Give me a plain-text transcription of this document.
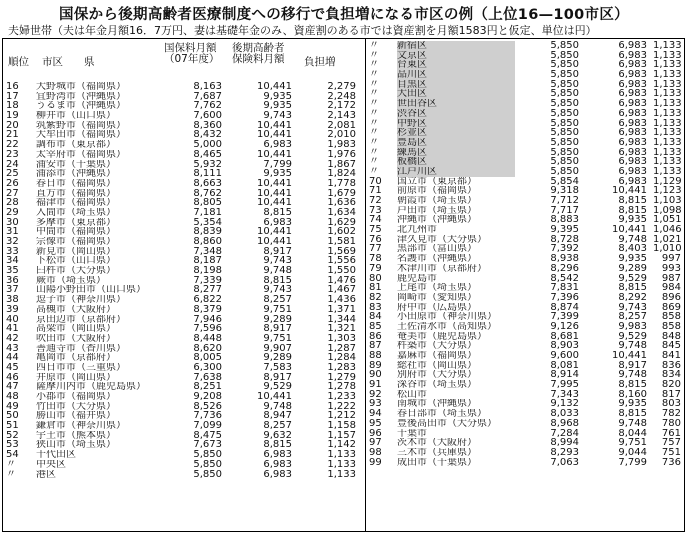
国保から後期高齢者医療制度への移行で負担増になる市区の例（上位16—100市区）
夫婦世帯（夫は年金月額16．7万円、妻は基礎年金のみ、資産割のある市では資産割を月額1583円と仮定、単位は円）
順位 市区　　県
国保料月額（07年度）
後期高齢者保険料月額	負担増
16	大野城市（福岡県）	8,163	10,441	2,279
17	宜野湾市（沖縄県）	7,687	9,935	2,248
18	うるま市（沖縄県）	7,762	9,935	2,172
19	柳井市（山口県）	7,600	9,743	2,143
20	筑紫野市（福岡県）	8,360	10,441	2,081
21	大牟田市（福岡県）	8,432	10,441	2,010
22	調布市（東京都）	5,000	6,983	1,983
23	太宰府市（福岡県）	8,465	10,441	1,976
24	浦安市（千葉県）	5,932	7,799	1,867
25	浦添市（沖縄県）	8,111	9,935	1,824
26	春日市（福岡県）	8,663	10,441	1,778
27	直方市（福岡県）	8,762	10,441	1,679
28	福津市（福岡県）	8,805	10,441	1,636
29	入間市（埼玉県）	7,181	8,815	1,634
30	多摩市（東京都）	5,354	6,983	1,629
31	中間市（福岡県）	8,839	10,441	1,602
32	宗像市（福岡県）	8,860	10,441	1,581
33	新見市（岡山県）	7,348	8,917	1,569
34	下松市（山口県）	8,187	9,743	1,556
35	臼杵市（大分県）	8,198	9,748	1,550
36	蕨市（埼玉県）	7,339	8,815	1,476
37	山陽小野田市（山口県）	8,277	9,743	1,467
38	逗子市（神奈川県）	6,822	8,257	1,436
39	高槻市（大阪府）	8,379	9,751	1,371
40	京田辺市（京都府）	7,946	9,289	1,344
41	高梁市（岡山県）	7,596	8,917	1,321
42	吹田市（大阪府）	8,448	9,751	1,303
43	善通寺市（香川県）	8,620	9,907	1,287
44	亀岡市（京都府）	8,005	9,289	1,284
45	四日市市（三重県）	6,300	7,583	1,283
46	井原市（岡山県）	7,638	8,917	1,279
47	薩摩川内市（鹿児島県）	8,251	9,529	1,278
48	小郡市（福岡県）	9,208	10,441	1,233
49	竹田市（大分県）	8,526	9,748	1,222
50	勝山市（福井県）	7,736	8,947	1,212
51	鎌倉市（神奈川県）	7,099	8,257	1,158
52	宇土市（熊本県）	8,475	9,632	1,157
53	狭山市（埼玉県）	7,673	8,815	1,142
54	千代田区	5,850	6,983	1,133
〃	中央区	5,850	6,983	1,133
〃	港区	5,850	6,983	1,133
〃	新宿区	5,850	6,983 1,133
〃	文京区	5,850	6,983 1,133
〃	台東区	5,850	6,983 1,133
〃	品川区	5,850	6,983 1,133
〃	目黒区	5,850	6,983 1,133
〃	大田区	5,850	6,983 1,133
〃	世田谷区	5,850	6,983 1,133
〃	渋谷区	5,850	6,983 1,133
〃	中野区	5,850	6,983 1,133
〃	杉並区	5,850	6,983 1,133
〃	豊島区	5,850	6,983 1,133
〃	練馬区	5,850	6,983 1,133
〃	板橋区	5,850	6,983 1,133
〃	江戸川区	5,850	6,983 1,133
70	国立市（東京都）	5,854	6,983 1,129
71	前原市（福岡県）	9,318	10,441 1,123
72	朝霞市（埼玉県）	7,712	8,815 1,103
73	戸田市（埼玉県）	7,717	8,815 1,098
74	沖縄市（沖縄県）	8,883	9,935 1,051
75	北九州市	9,395	10,441 1,046
76	津久見市（大分県）	8,728	9,748 1,021
77	黒部市（富山県）	7,392	8,403 1,010
78	名護市（沖縄県）	8,938	9,935	997
79	木津川市（京都府）	8,296	9,289	993
80	鹿児島市	8,542	9,529	987
81	上尾市（埼玉県）	7,831	8,815	984
82	岡崎市（愛知県）	7,396	8,292	896
83	府中市（広島県）	8,874	9,743	869
84	小田原市（神奈川県）	7,399	8,257	858
85	土佐清水市（高知県）	9,126	9,983	858
86	奄美市（鹿児島県）	8,681	9,529	848
87	杵築市（大分県）	8,903	9,748	845
88	嘉麻市（福岡県）	9,600	10,441	841
89	総社市（岡山県）	8,081	8,917	836
90	別府市（大分県）	8,914	9,748	834
91	深谷市（埼玉県）	7,995	8,815	820
92	松山市	7,343	8,160	817
93	南城市（沖縄県）	9,132	9,935	803
94	春日部市（埼玉県）	8,033	8,815	782
95	豊後高田市（大分県）	8,968	9,748	780
96	千葉市	7,284	8,044	761
97	茨木市（大阪府）	8,994	9,751	757
98	三木市（兵庫県）	8,293	9,044	751
99	成田市（千葉県）	7,063	7,799	736
